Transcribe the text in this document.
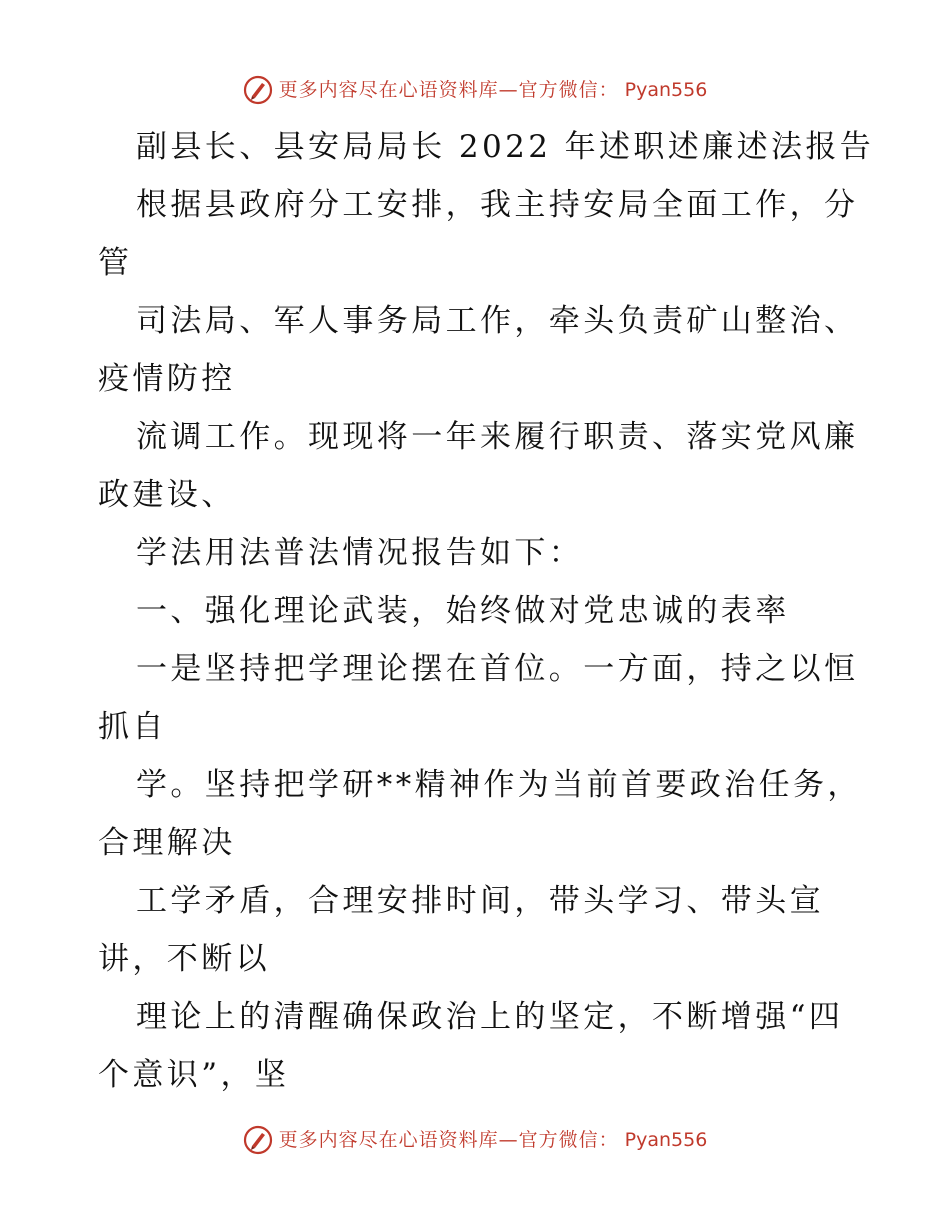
更多内容尽在心语资料库—官方微信： Pyan556
副县长、县安局局长 2022 年述职述廉述法报告
根据县政府分工安排，我主持安局全面工作，分
管
司法局、军人事务局工作，牵头负责矿山整治、
疫情防控
流调工作。现现将一年来履行职责、落实党风廉
政建设、
学法用法普法情况报告如下：
一、强化理论武装，始终做对党忠诚的表率
一是坚持把学理论摆在首位。一方面，持之以恒
抓自
学。坚持把学研**精神作为当前首要政治任务，
合理解决
工学矛盾，合理安排时间，带头学习、带头宣
讲，不断以
理论上的清醒确保政治上的坚定，不断增强“四
个意识”，坚
更多内容尽在心语资料库—官方微信： Pyan556
